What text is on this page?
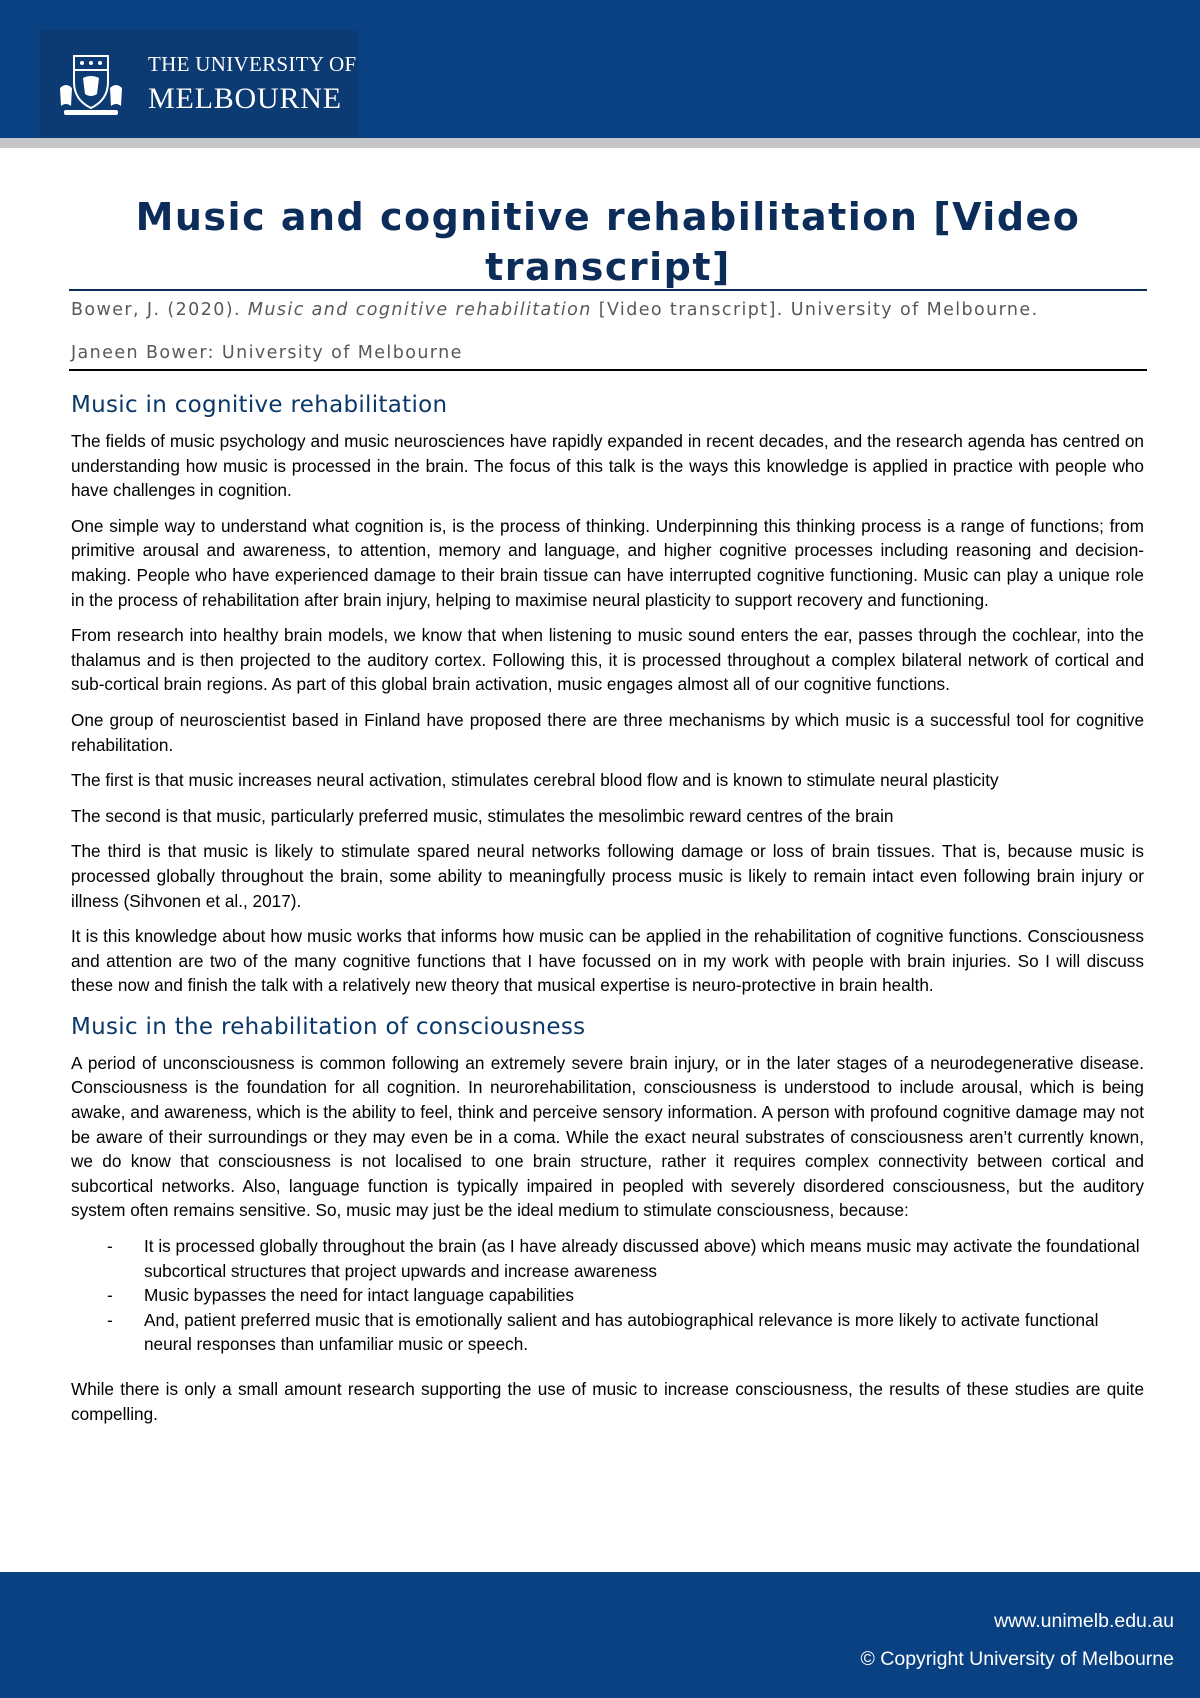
THE UNIVERSITY OF
MELBOURNE
Music and cognitive rehabilitation [Video transcript]
Bower, J. (2020). Music and cognitive rehabilitation [Video transcript]. University of Melbourne.
Janeen Bower: University of Melbourne
Music in cognitive rehabilitation

The fields of music psychology and music neurosciences have rapidly expanded in recent decades, and the research agenda has centred on understanding how music is processed in the brain. The focus of this talk is the ways this knowledge is applied in practice with people who have challenges in cognition.

One simple way to understand what cognition is, is the process of thinking. Underpinning this thinking process is a range of functions; from primitive arousal and awareness, to attention, memory and language, and higher cognitive processes including reasoning and decision-making. People who have experienced damage to their brain tissue can have interrupted cognitive functioning. Music can play a unique role in the process of rehabilitation after brain injury, helping to maximise neural plasticity to support recovery and functioning.

From research into healthy brain models, we know that when listening to music sound enters the ear, passes through the cochlear, into the thalamus and is then projected to the auditory cortex. Following this, it is processed throughout a complex bilateral network of cortical and sub-cortical brain regions. As part of this global brain activation, music engages almost all of our cognitive functions.

One group of neuroscientist based in Finland have proposed there are three mechanisms by which music is a successful tool for cognitive rehabilitation.

The first is that music increases neural activation, stimulates cerebral blood flow and is known to stimulate neural plasticity

The second is that music, particularly preferred music, stimulates the mesolimbic reward centres of the brain

The third is that music is likely to stimulate spared neural networks following damage or loss of brain tissues. That is, because music is processed globally throughout the brain, some ability to meaningfully process music is likely to remain intact even following brain injury or illness (Sihvonen et al., 2017).

It is this knowledge about how music works that informs how music can be applied in the rehabilitation of cognitive functions. Consciousness and attention are two of the many cognitive functions that I have focussed on in my work with people with brain injuries. So I will discuss these now and finish the talk with a relatively new theory that musical expertise is neuro-protective in brain health.

Music in the rehabilitation of consciousness

A period of unconsciousness is common following an extremely severe brain injury, or in the later stages of a neurodegenerative disease. Consciousness is the foundation for all cognition. In neurorehabilitation, consciousness is understood to include arousal, which is being awake, and awareness, which is the ability to feel, think and perceive sensory information. A person with profound cognitive damage may not be aware of their surroundings or they may even be in a coma. While the exact neural substrates of consciousness aren’t currently known, we do know that consciousness is not localised to one brain structure, rather it requires complex connectivity between cortical and subcortical networks. Also, language function is typically impaired in peopled with severely disordered consciousness, but the auditory system often remains sensitive. So, music may just be the ideal medium to stimulate consciousness, because:

- It is processed globally throughout the brain (as I have already discussed above) which means music may activate the foundational subcortical structures that project upwards and increase awareness
- Music bypasses the need for intact language capabilities
- And, patient preferred music that is emotionally salient and has autobiographical relevance is more likely to activate functional neural responses than unfamiliar music or speech.

While there is only a small amount research supporting the use of music to increase consciousness, the results of these studies are quite compelling.

www.unimelb.edu.au
© Copyright University of Melbourne
